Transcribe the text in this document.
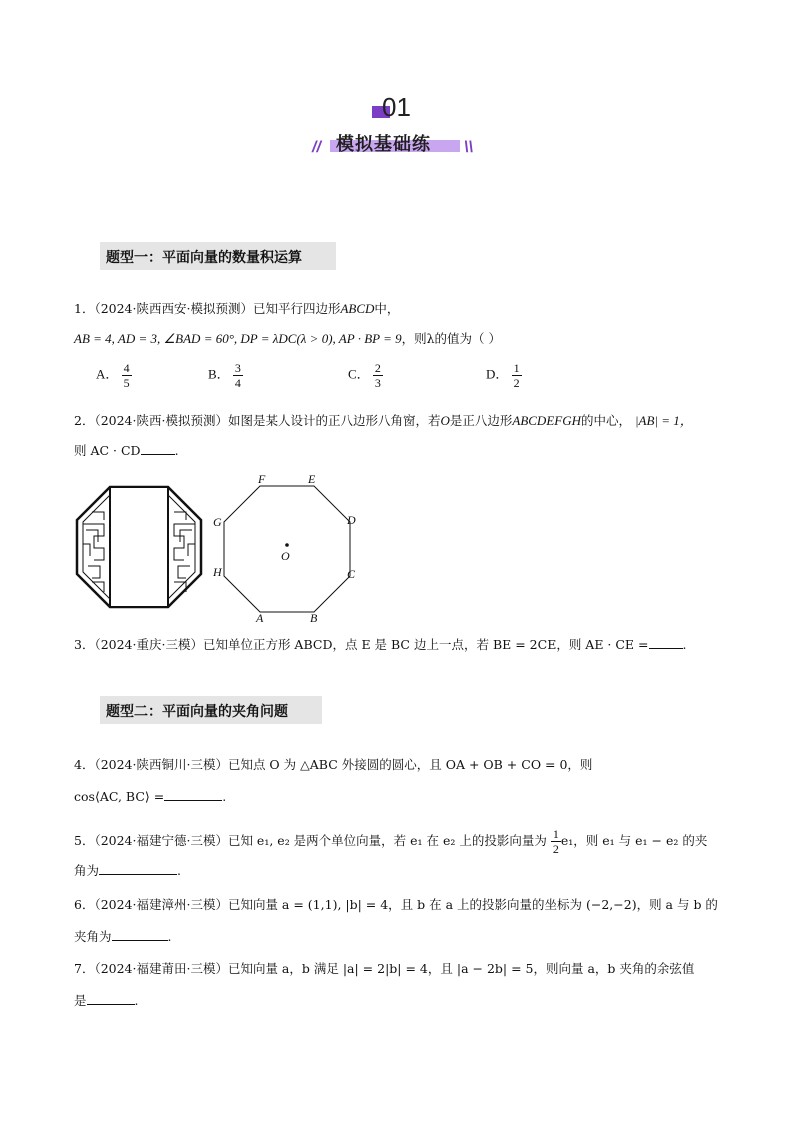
01
// 模拟基础练 \\
题型一：平面向量的数量积运算
1．（2024·陕西西安·模拟预测）已知平行四边形ABCD中，
AB = 4, AD = 3, ∠BAD = 60°, DP = λDC(λ > 0), AP · BP = 9，则λ的值为（ ）
A． $\frac{4}{5}$	B． $\frac{3}{4}$	C． $\frac{2}{3}$	D． $\frac{1}{2}$
2．（2024·陕西·模拟预测）如图是某人设计的正八边形八角窗，若O是正八边形ABCDEFGH的中心， |AB| = 1，
则 AC · CD	.
A	B
C
D
E
F
G
H
O
3．（2024·重庆·三模）已知单位正方形 ABCD，点 E 是 BC 边上一点，若 BE = 2CE，则 AE · CE =	.
题型二：平面向量的夹角问题
4．（2024·陕西铜川·三模）已知点 O 为 △ABC 外接圆的圆心，且 OA + OB + CO = 0，则
cos⟨AC, BC⟩ =	.
5．（2024·福建宁德·三模）已知 e₁, e₂ 是两个单位向量，若 e₁ 在 e₂ 上的投影向量为 $\frac{1}{2} e_1$，则 e₁ 与 e₁ − e₂ 的夹
角为	.
6．（2024·福建漳州·三模）已知向量 a = (1,1), |b| = 4，且 b 在 a 上的投影向量的坐标为 (−2,−2)，则 a 与 b 的
夹角为	.
7．（2024·福建莆田·三模）已知向量 a，b 满足 |a| = 2|b| = 4，且 |a − 2b| = 5，则向量 a，b 夹角的余弦值
是	.
